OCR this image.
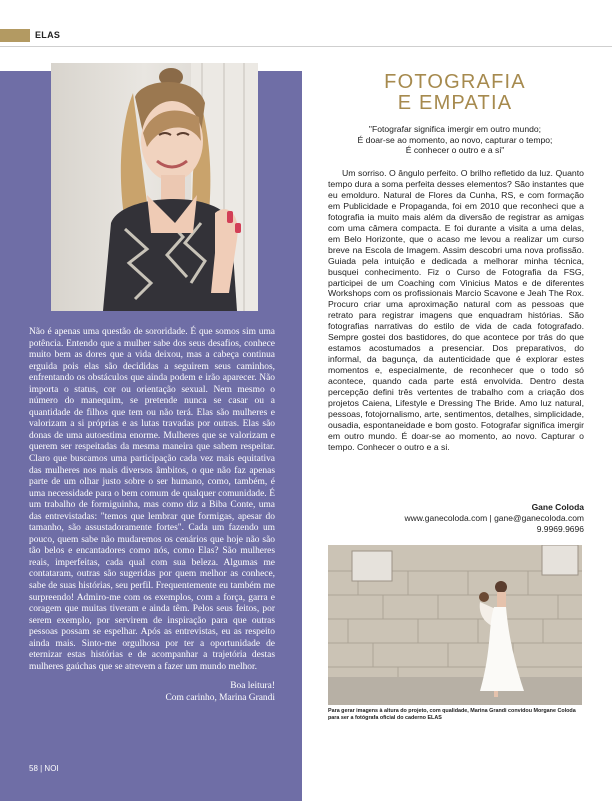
ELAS

Não é apenas uma questão de sororidade. É que somos sim uma potência. Entendo que a mulher sabe dos seus desafios, conhece muito bem as dores que a vida deixou, mas a cabeça continua erguida pois elas são decididas a seguirem seus caminhos, enfrentando os obstáculos que ainda podem e irão aparecer. Não importa o status, cor ou orientação sexual. Nem mesmo o número do manequim, se pretende nunca se casar ou a quantidade de filhos que tem ou não terá. Elas são mulheres e valorizam a si próprias e as lutas travadas por outras. Elas são donas de uma autoestima enorme. Mulheres que se valorizam e querem ser respeitadas da mesma maneira que sabem respeitar. Claro que buscamos uma participação cada vez mais equitativa das mulheres nos mais diversos âmbitos, o que não faz apenas parte de um olhar justo sobre o ser humano, como, também, é uma necessidade para o bem comum de qualquer comunidade. É um trabalho de formiguinha, mas como diz a Biba Conte, uma das entrevistadas: "temos que lembrar que formigas, apesar do tamanho, são assustadoramente fortes". Cada um fazendo um pouco, quem sabe não mudaremos os cenários que hoje não são tão belos e encantadores como nós, como Elas? São mulheres reais, imperfeitas, cada qual com sua beleza. Algumas me contataram, outras são sugeridas por quem melhor as conhece, sabe de suas histórias, seu perfil. Frequentemente eu também me surpreendo! Admiro-me com os exemplos, com a força, garra e coragem que muitas tiveram e ainda têm. Pelos seus feitos, por serem exemplo, por servirem de inspiração para que outras pessoas possam se espelhar. Após as entrevistas, eu as respeito ainda mais. Sinto-me orgulhosa por ter a oportunidade de eternizar estas histórias e de acompanhar a trajetória destas mulheres gaúchas que se atrevem a fazer um mundo melhor.

Boa leitura!
Com carinho, Marina Grandi

58 | NOI
FOTOGRAFIA
E EMPATIA
"Fotografar significa imergir em outro mundo;
É doar-se ao momento, ao novo, capturar o tempo;
É conhecer o outro e a si"

Um sorriso. O ângulo perfeito. O brilho refletido da luz. Quanto tempo dura a soma perfeita desses elementos? São instantes que eu emolduro. Natural de Flores da Cunha, RS, e com formação em Publicidade e Propaganda, foi em 2010 que reconheci que a fotografia ia muito mais além da diversão de registrar as amigas com uma câmera compacta. E foi durante a visita a uma delas, em Belo Horizonte, que o acaso me levou a realizar um curso breve na Escola de Imagem. Assim descobri uma nova profissão. Guiada pela intuição e dedicada a melhorar minha técnica, busquei conhecimento. Fiz o Curso de Fotografia da FSG, participei de um Coaching com Vinicius Matos e de diferentes Workshops com os profissionais Marcio Scavone e Jeah The Rox. Procuro criar uma aproximação natural com as pessoas que retrato para registrar imagens que enquadram histórias. São fotografias narrativas do estilo de vida de cada fotografado. Sempre gostei dos bastidores, do que acontece por trás do que estamos acostumados a presenciar. Dos preparativos, do informal, da bagunça, da autenticidade que é explorar estes momentos e, especialmente, de reconhecer que o todo só acontece, quando cada parte está envolvida. Dentro desta percepção defini três vertentes de trabalho com a criação dos projetos Caiena, Lifestyle e Dressing The Bride. Amo luz natural, pessoas, fotojornalismo, arte, sentimentos, detalhes, simplicidade, ousadia, espontaneidade e bom gosto. Fotografar significa imergir em outro mundo. É doar-se ao momento, ao novo. Capturar o tempo. Conhecer o outro e a si.

Gane Coloda
www.ganecoloda.com | gane@ganecoloda.com
9.9969.9696
Para gerar imagens à altura do projeto, com qualidade, Marina Grandi convidou Morgane Coloda para ser a fotógrafa oficial do caderno ELAS
